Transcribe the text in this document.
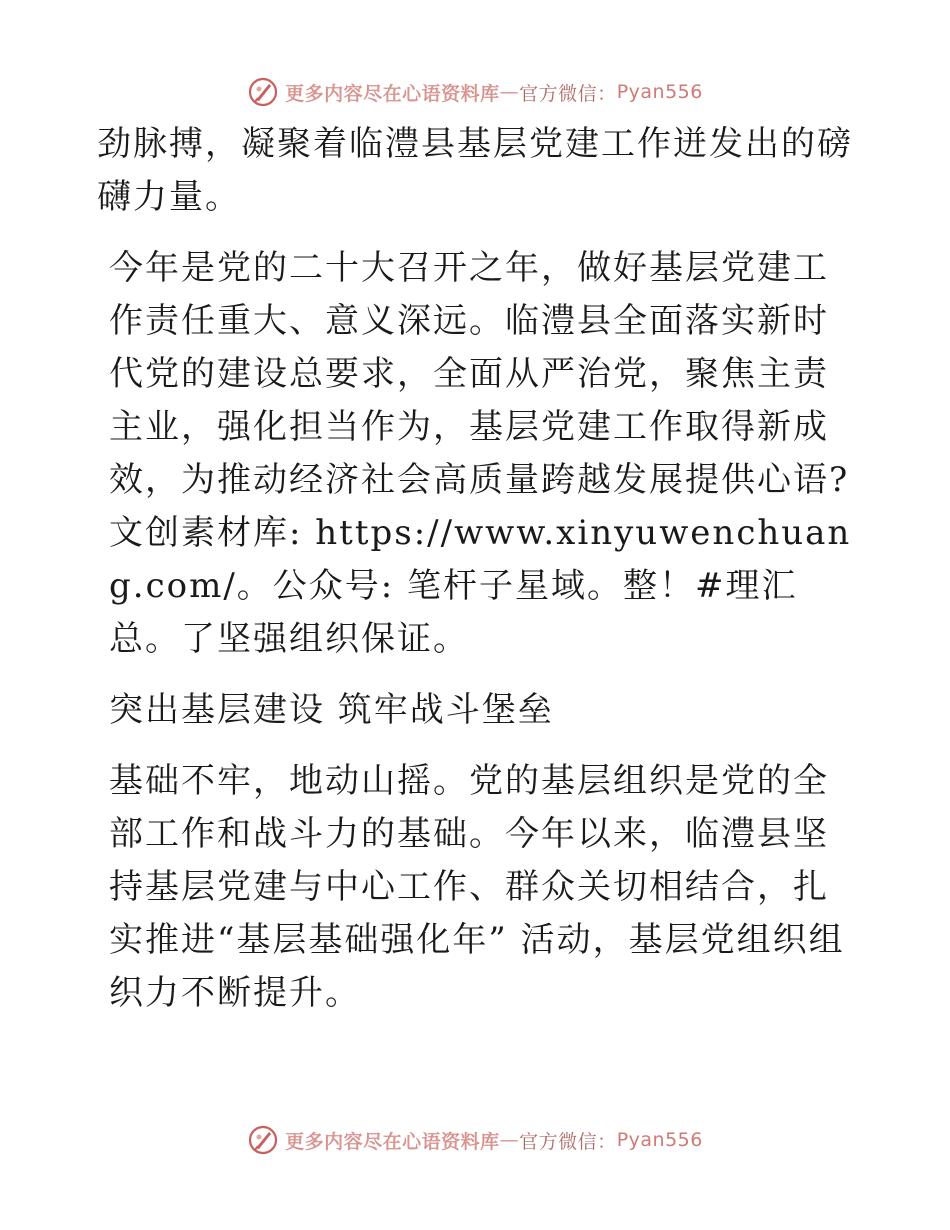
更多内容尽在心语资料库 — 官方微信： Pyan556

劲脉搏，凝聚着临澧县基层党建工作迸发出的磅礴力量。

今年是党的二十大召开之年，做好基层党建工作责任重大、意义深远。临澧县全面落实新时代党的建设总要求，全面从严治党，聚焦主责主业，强化担当作为，基层党建工作取得新成效，为推动经济社会高质量跨越发展提供心语?文创素材库: https://www.xinyuwenchuang.com/。公众号: 笔杆子星域。整！#理汇总。了坚强组织保证。

突出基层建设 筑牢战斗堡垒

基础不牢，地动山摇。党的基层组织是党的全部工作和战斗力的基础。今年以来，临澧县坚持基层党建与中心工作、群众关切相结合，扎实推进“基层基础强化年” 活动，基层党组织组织力不断提升。

更多内容尽在心语资料库 — 官方微信： Pyan556
